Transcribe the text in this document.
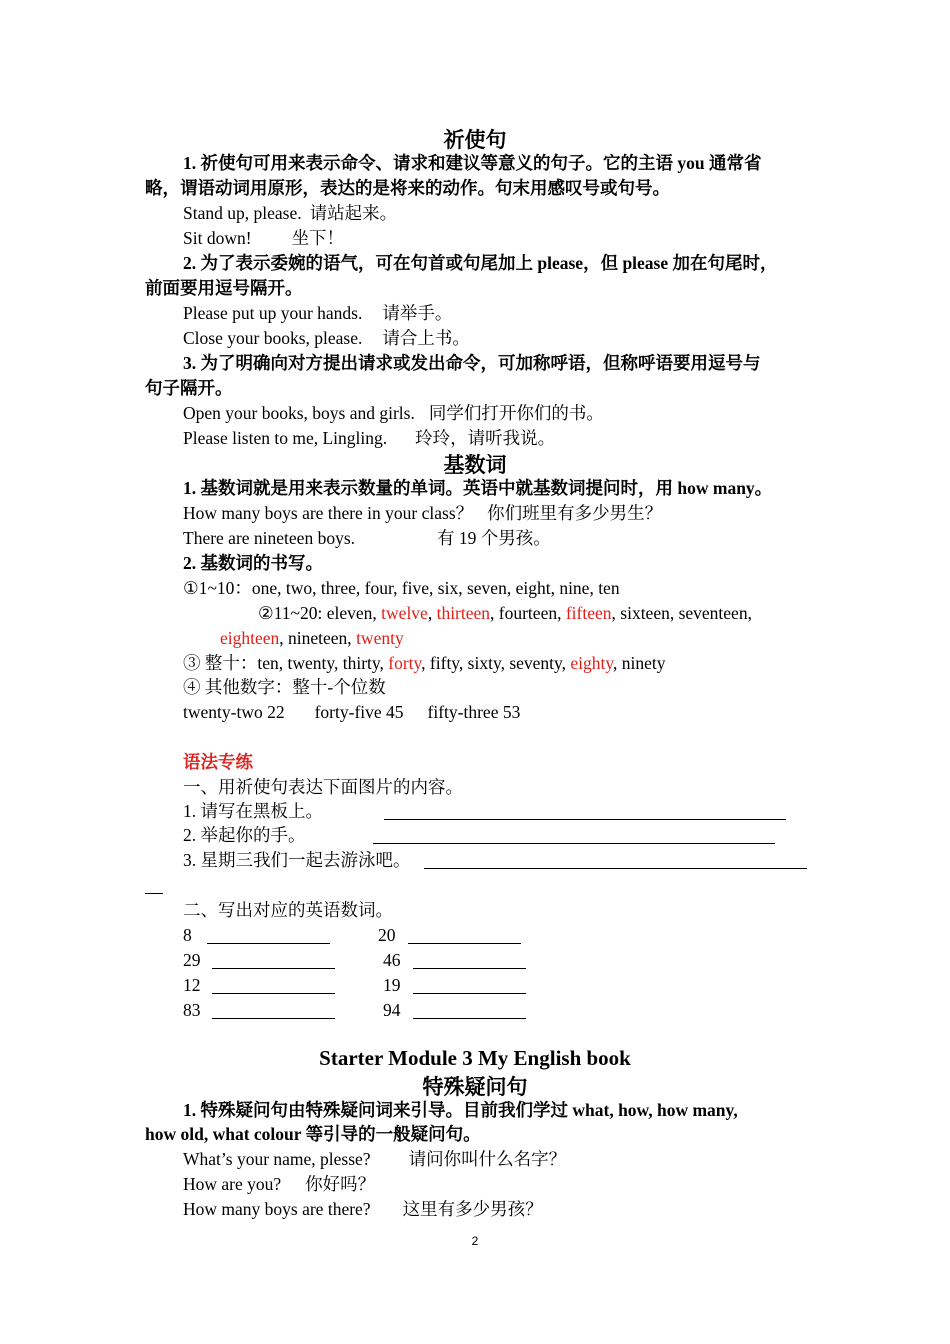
祈使句
1. 祈使句可用来表示命令、请求和建议等意义的句子。它的主语 you 通常省
略，谓语动词用原形，表达的是将来的动作。句末用感叹号或句号。
Stand up, please. 请站起来。
Sit down! 坐下！
2. 为了表示委婉的语气，可在句首或句尾加上 please，但 please 加在句尾时，
前面要用逗号隔开。
Please put up your hands. 请举手。
Close your books, please. 请合上书。
3. 为了明确向对方提出请求或发出命令，可加称呼语，但称呼语要用逗号与
句子隔开。
Open your books, boys and girls. 同学们打开你们的书。
Please listen to me, Lingling. 玲玲，请听我说。
基数词
1. 基数词就是用来表示数量的单词。英语中就基数词提问时，用 how many。
How many boys are there in your class？ 你们班里有多少男生？
There are nineteen boys.	有 19 个男孩。
2. 基数词的书写。
①1~10：one, two, three, four, five, six, seven, eight, nine, ten
②11~20: eleven, twelve, thirteen, fourteen, fifteen, sixteen, seventeen,
eighteen, nineteen, twenty
③ 整十：ten, twenty, thirty, forty, fifty, sixty, seventy, eighty, ninety
④ 其他数字：整十-个位数
twenty-two 22 forty-five 45 fifty-three 53
语法专练
一、用祈使句表达下面图片的内容。
1. 请写在黑板上。
2. 举起你的手。
3. 星期三我们一起去游泳吧。
二、写出对应的英语数词。
8	20
29	46
12	19
83	94
Starter Module 3 My English book
特殊疑问句
1. 特殊疑问句由特殊疑问词来引导。目前我们学过 what, how, how many,
how old, what colour 等引导的一般疑问句。
What’s your name, plesse? 请问你叫什么名字？
How are you? 你好吗？
How many boys are there? 这里有多少男孩？
2
